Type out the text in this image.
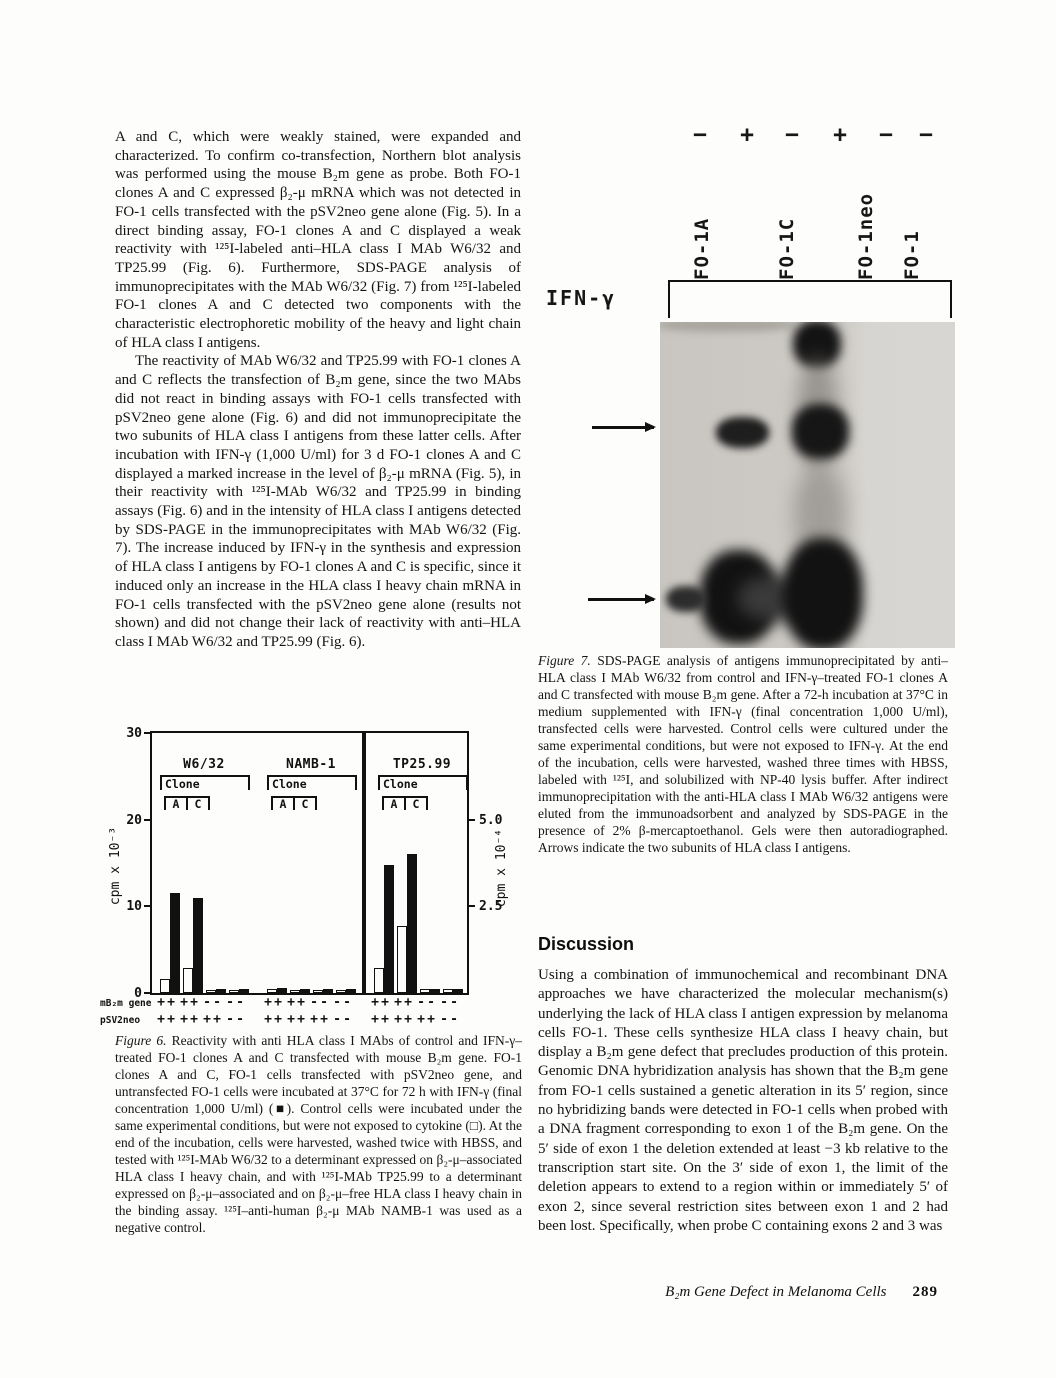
A and C, which were weakly stained, were expanded and characterized. To confirm co-transfection, Northern blot analysis was performed using the mouse B₂m gene as probe. Both FO-1 clones A and C expressed β₂-μ mRNA which was not detected in FO-1 cells transfected with the pSV2neo gene alone (Fig. 5). In a direct binding assay, FO-1 clones A and C displayed a weak reactivity with ¹²⁵I-labeled anti–HLA class I MAb W6/32 and TP25.99 (Fig. 6). Furthermore, SDS-PAGE analysis of immunoprecipitates with the MAb W6/32 (Fig. 7) from ¹²⁵I-labeled FO-1 clones A and C detected two components with the characteristic electrophoretic mobility of the heavy and light chain of HLA class I antigens.

The reactivity of MAb W6/32 and TP25.99 with FO-1 clones A and C reflects the transfection of B₂m gene, since the two MAbs did not react in binding assays with FO-1 cells transfected with pSV2neo gene alone (Fig. 6) and did not immunoprecipitate the two subunits of HLA class I antigens from these latter cells. After incubation with IFN-γ (1,000 U/ml) for 3 d FO-1 clones A and C displayed a marked increase in the level of β₂-μ mRNA (Fig. 5), in their reactivity with ¹²⁵I-MAb W6/32 and TP25.99 in binding assays (Fig. 6) and in the intensity of HLA class I antigens detected by SDS-PAGE in the immunoprecipitates with MAb W6/32 (Fig. 7). The increase induced by IFN-γ in the synthesis and expression of HLA class I antigens by FO-1 clones A and C is specific, since it induced only an increase in the HLA class I heavy chain mRNA in FO-1 cells transfected with the pSV2neo gene alone (results not shown) and did not change their lack of reactivity with anti–HLA class I MAb W6/32 and TP25.99 (Fig. 6).

cpm x 10⁻³	cpm x 10⁻⁴
W6/32
Clone
A	C
NAMB-1
Clone
A	C
TP25.99
Clone
A	C
0
10
20
30
2.5
5.0
mB₂m gene + + + + - - - - + + + + - - - - + + + + - - - -
pSV2neo + + + + + + - - + + + + + + - - + + + + + + - -
Figure 6. Reactivity with anti HLA class I MAbs of control and IFN-γ–treated FO-1 clones A and C transfected with mouse B₂m gene. FO-1 clones A and C, FO-1 cells transfected with pSV2neo gene, and untransfected FO-1 cells were incubated at 37°C for 72 h with IFN-γ (final concentration 1,000 U/ml) (■). Control cells were incubated under the same experimental conditions, but were not exposed to cytokine (□). At the end of the incubation, cells were harvested, washed twice with HBSS, and tested with ¹²⁵I-MAb W6/32 to a determinant expressed on β₂-μ–associated HLA class I heavy chain, and with ¹²⁵I-MAb TP25.99 to a determinant expressed on β₂-μ–associated and on β₂-μ–free HLA class I heavy chain in the binding assay. ¹²⁵I–anti-human β₂-μ MAb NAMB-1 was used as a negative control.
FO-1A	FO-1C	FO-1neo FO-1
IFN-γ
− + − + − −
Figure 7. SDS-PAGE analysis of antigens immunoprecipitated by anti–HLA class I MAb W6/32 from control and IFN-γ–treated FO-1 clones A and C transfected with mouse B₂m gene. After a 72-h incubation at 37°C in medium supplemented with IFN-γ (final concentration 1,000 U/ml), transfected cells were harvested. Control cells were cultured under the same experimental conditions, but were not exposed to IFN-γ. At the end of the incubation, cells were harvested, washed three times with HBSS, labeled with ¹²⁵I, and solubilized with NP-40 lysis buffer. After indirect immunoprecipitation with the anti-HLA class I MAb W6/32 antigens were eluted from the immunoadsorbent and analyzed by SDS-PAGE in the presence of 2% β-mercaptoethanol. Gels were then autoradiographed. Arrows indicate the two subunits of HLA class I antigens.
Discussion

Using a combination of immunochemical and recombinant DNA approaches we have characterized the molecular mechanism(s) underlying the lack of HLA class I antigen expression by melanoma cells FO-1. These cells synthesize HLA class I heavy chain, but display a B₂m gene defect that precludes production of this protein. Genomic DNA hybridization analysis has shown that the B₂m gene from FO-1 cells sustained a genetic alteration in its 5′ region, since no hybridizing bands were detected in FO-1 cells when probed with a DNA fragment corresponding to exon 1 of the B₂m gene. On the 5′ side of exon 1 the deletion extended at least −3 kb relative to the transcription start site. On the 3′ side of exon 1, the limit of the deletion appears to extend to a region within or immediately 5′ of exon 2, since several restriction sites between exon 1 and 2 had been lost. Specifically, when probe C containing exons 2 and 3 was

B₂m Gene Defect in Melanoma Cells 289
